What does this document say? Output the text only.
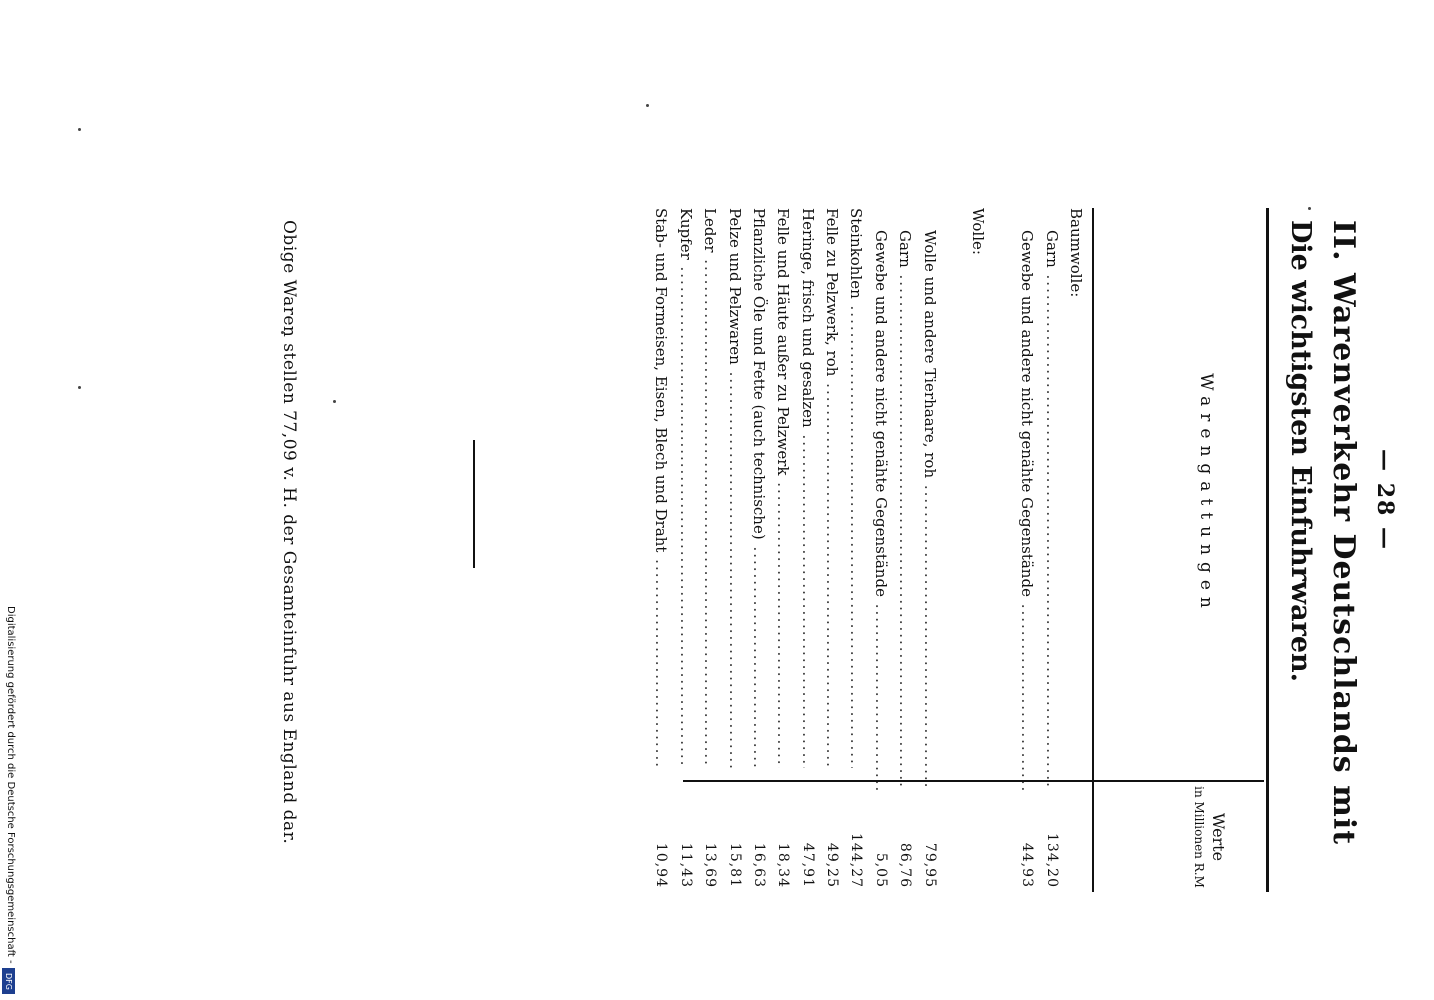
Digitalisierung gefördert durch die Deutsche Forschungsgemeinschaft -
DFG
— 28 —
II. Warenverkehr Deutschlands mit
Die wichtigsten Einfuhrwaren.
Warengattungen
Werte
in Millionen R.M
Baumwolle:
Garn .....
134,20
Gewebe und andere nicht genähte Gegenstände .....
44,93
Wolle:
Wolle und andere Tierhaare, roh .....
79,95
Garn .....
86,76
Gewebe und andere nicht genähte Gegenstände .....
5,05
Steinkohlen .....
144,27
Felle zu Pelzwerk, roh .....
49,25
Heringe, frisch und gesalzen .....
47,91
Felle und Häute außer zu Pelzwerk .....
18,34
Pflanzliche Öle und Fette (auch technische) .....
16,63
Pelze und Pelzwaren .....
15,81
Leder .....
13,69
Kupfer .....
11,43
Stab- und Formeisen, Eisen, Blech und Draht .....
10,94
Obige Waren stellen 77,09 v. H. der Gesamteinfuhr aus England dar.
